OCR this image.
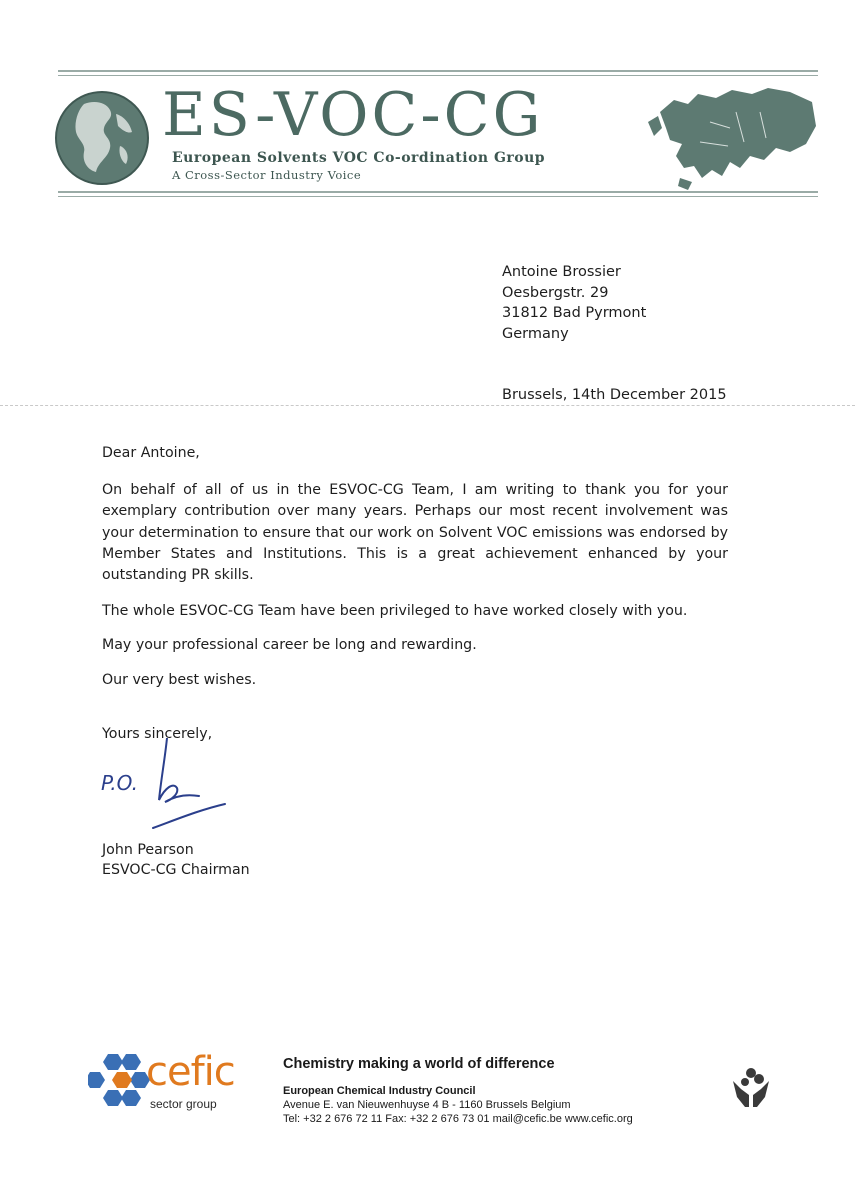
ES-VOC-CG
European Solvents VOC Co-ordination Group
A Cross-Sector Industry Voice
Antoine Brossier
Oesbergstr. 29
31812 Bad Pyrmont
Germany
Brussels, 14th December 2015

Dear Antoine,

On behalf of all of us in the ESVOC-CG Team, I am writing to thank you for your exemplary contribution over many years. Perhaps our most recent involvement was your determination to ensure that our work on Solvent VOC emissions was endorsed by Member States and Institutions. This is a great achievement enhanced by your outstanding PR skills.

The whole ESVOC-CG Team have been privileged to have worked closely with you.

May your professional career be long and rewarding.

Our very best wishes.

Yours sincerely,
P.O.
John Pearson
ESVOC-CG Chairman
cefic
sector group
Chemistry making a world of difference
European Chemical Industry Council
Avenue E. van Nieuwenhuyse 4 B - 1160 Brussels Belgium
Tel: +32 2 676 72 11 Fax: +32 2 676 73 01 mail@cefic.be www.cefic.org
